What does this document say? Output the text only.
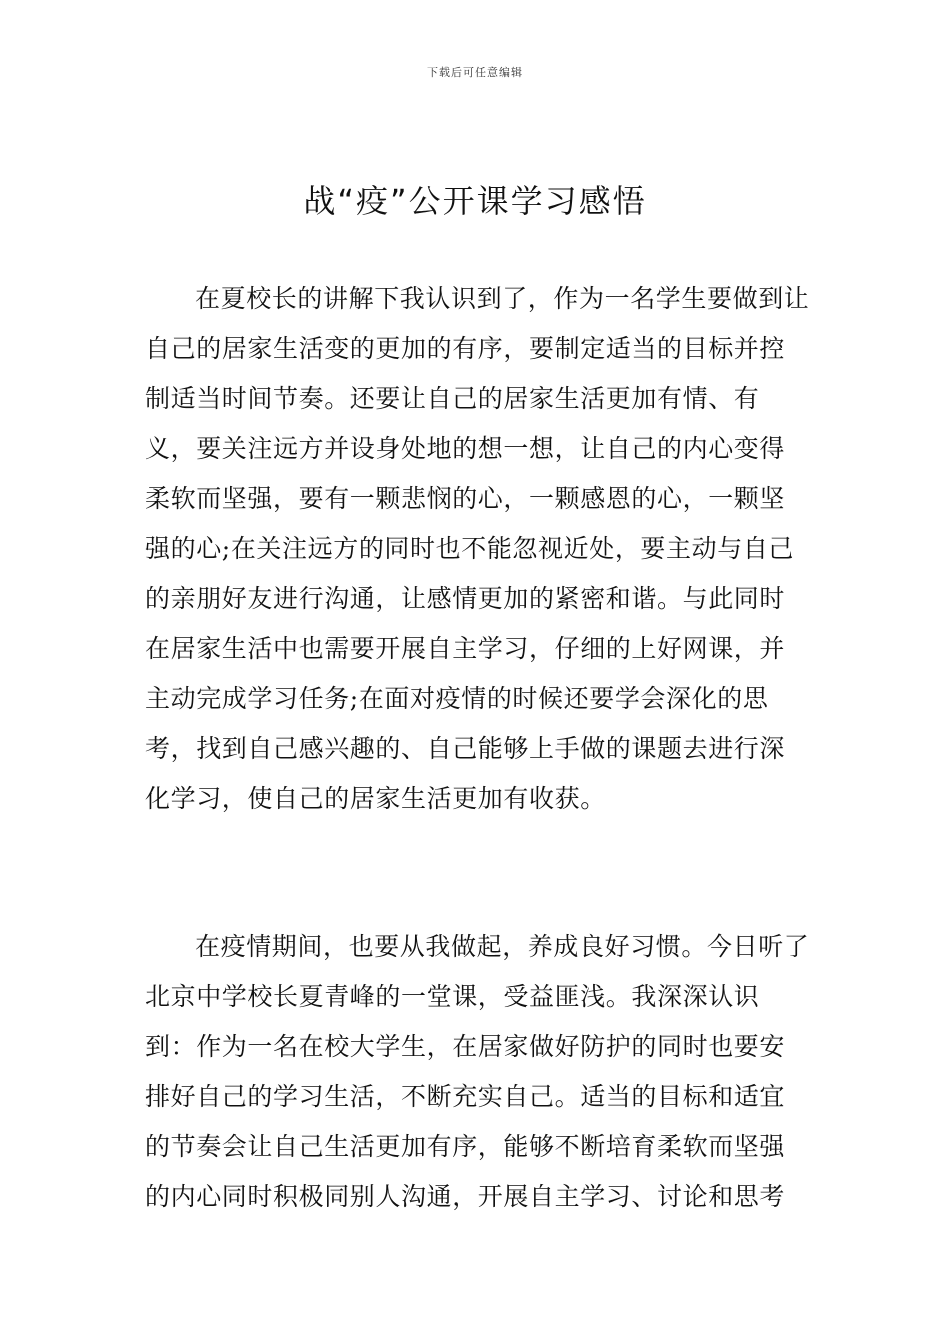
下载后可任意编辑
战“疫”公开课学习感悟

在夏校长的讲解下我认识到了，作为一名学生要做到让自己的居家生活变的更加的有序，要制定适当的目标并控制适当时间节奏。还要让自己的居家生活更加有情、有义，要关注远方并设身处地的想一想，让自己的内心变得柔软而坚强，要有一颗悲悯的心，一颗感恩的心，一颗坚强的心;在关注远方的同时也不能忽视近处，要主动与自己的亲朋好友进行沟通，让感情更加的紧密和谐。与此同时在居家生活中也需要开展自主学习，仔细的上好网课，并主动完成学习任务;在面对疫情的时候还要学会深化的思考，找到自己感兴趣的、自己能够上手做的课题去进行深化学习，使自己的居家生活更加有收获。

在疫情期间，也要从我做起，养成良好习惯。今日听了北京中学校长夏青峰的一堂课，受益匪浅。我深深认识到：作为一名在校大学生，在居家做好防护的同时也要安排好自己的学习生活，不断充实自己。适当的目标和适宜的节奏会让自己生活更加有序，能够不断培育柔软而坚强的内心同时积极同别人沟通，开展自主学习、讨论和思考
